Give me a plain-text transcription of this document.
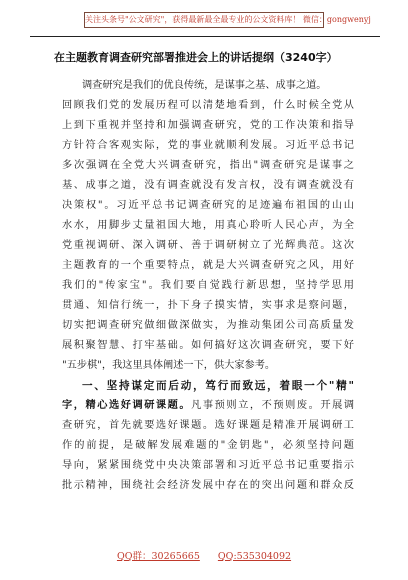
关注头条号"公文研究"，获得最新最全最专业的公文资料库！ 微信：gongwenyj
在主题教育调查研究部署推进会上的讲话提纲（3240字）
调查研究是我们的优良传统，是谋事之基、成事之道。
回顾我们党的发展历程可以清楚地看到，什么时候全党从
上到下重视并坚持和加强调查研究，党的工作决策和指导
方针符合客观实际，党的事业就顺利发展。习近平总书记
多次强调在全党大兴调查研究，指出"调查研究是谋事之
基、成事之道，没有调查就没有发言权，没有调查就没有
决策权"。习近平总书记调查研究的足迹遍布祖国的山山
水水，用脚步丈量祖国大地，用真心聆听人民心声，为全
党重视调研、深入调研、善于调研树立了光辉典范。这次
主题教育的一个重要特点，就是大兴调查研究之风，用好
我们的"传家宝"。我们要自觉践行新思想，坚持学思用
贯通、知信行统一，扑下身子摸实情，实事求是察问题，
切实把调查研究做细做深做实，为推动集团公司高质量发
展积聚智慧、打牢基础。如何搞好这次调查研究，要下好
"五步棋"，我这里具体阐述一下，供大家参考。
一、坚持谋定而后动，笃行而致远，着眼一个"精"
字，精心选好调研课题。凡事预则立，不预则废。开展调
查研究，首先就要选好课题。选好课题是精准开展调研工
作的前提，是破解发展难题的"金钥匙"，必须坚持问题
导向，紧紧围绕党中央决策部署和习近平总书记重要指示
批示精神，围绕社会经济发展中存在的突出问题和群众反
QQ群：30265665 QQ:535304092
